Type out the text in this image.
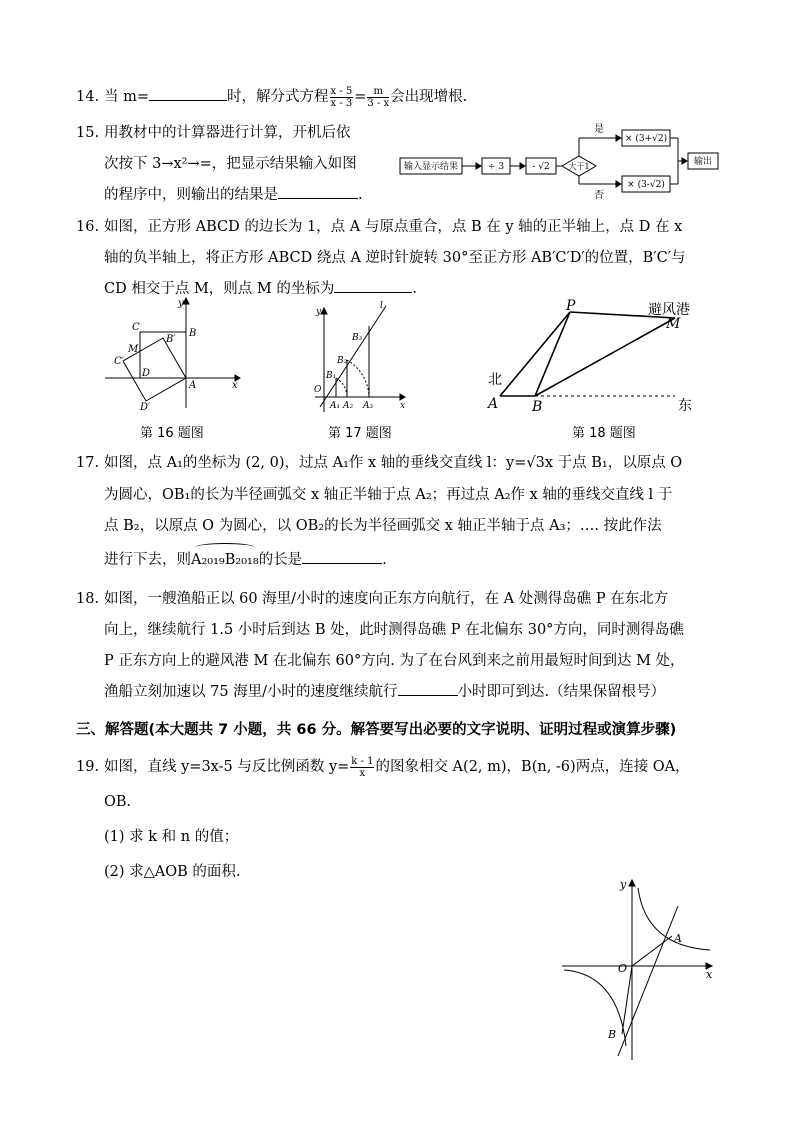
14. 当 m=	时，解分式方程 $\frac{x - 5}{x - 3} = \frac{m}{3 - x}$ 会出现增根.
15. 用教材中的计算器进行计算，开机后依
次按下 3→x²→=，把显示结果输入如图
的程序中，则输出的结果是	.
输入显示结果	÷ 3	- √2 大于1
是
否
× (3+√2)
× (3-√2)
输出
16. 如图，正方形 ABCD 的边长为 1，点 A 与原点重合，点 B 在 y 轴的正半轴上，点 D 在 x
轴的负半轴上，将正方形 ABCD 绕点 A 逆时针旋转 30°至正方形 AB′C′D′的位置，B′C′与
CD 相交于点 M，则点 M 的坐标为	.
y
x
C
B
B′
M
C′
D
A
D′
第 16 题图
y
x
l
B₃
B₂
B₁
O
A₁ A₂ A₃
第 17 题图
P	避风港
M
北
A B	东
第 18 题图
17. 如图，点 A₁的坐标为 (2, 0)，过点 A₁作 x 轴的垂线交直线 l：y=√3x 于点 B₁，以原点 O
为圆心，OB₁的长为半径画弧交 x 轴正半轴于点 A₂；再过点 A₂作 x 轴的垂线交直线 l 于
点 B₂，以原点 O 为圆心，以 OB₂的长为半径画弧交 x 轴正半轴于点 A₃；…. 按此作法
进行下去，则
A₂₀₁₉B₂₀₁₈的长是	.
18. 如图，一艘渔船正以 60 海里/小时的速度向正东方向航行，在 A 处测得岛礁 P 在东北方
向上，继续航行 1.5 小时后到达 B 处，此时测得岛礁 P 在北偏东 30°方向，同时测得岛礁
P 正东方向上的避风港 M 在北偏东 60°方向. 为了在台风到来之前用最短时间到达 M 处，
渔船立刻加速以 75 海里/小时的速度继续航行	小时即可到达.（结果保留根号）
三、解答题(本大题共 7 小题，共 66 分。解答要写出必要的文字说明、证明过程或演算步骤)
19. 如图，直线 y=3x-5 与反比例函数 $y= \frac{k - 1}{x}$ 的图象相交 A(2, m)，B(n, -6)两点，连接 OA，
OB.
(1) 求 k 和 n 的值；
(2) 求△AOB 的面积.
y
x
A
O
B
